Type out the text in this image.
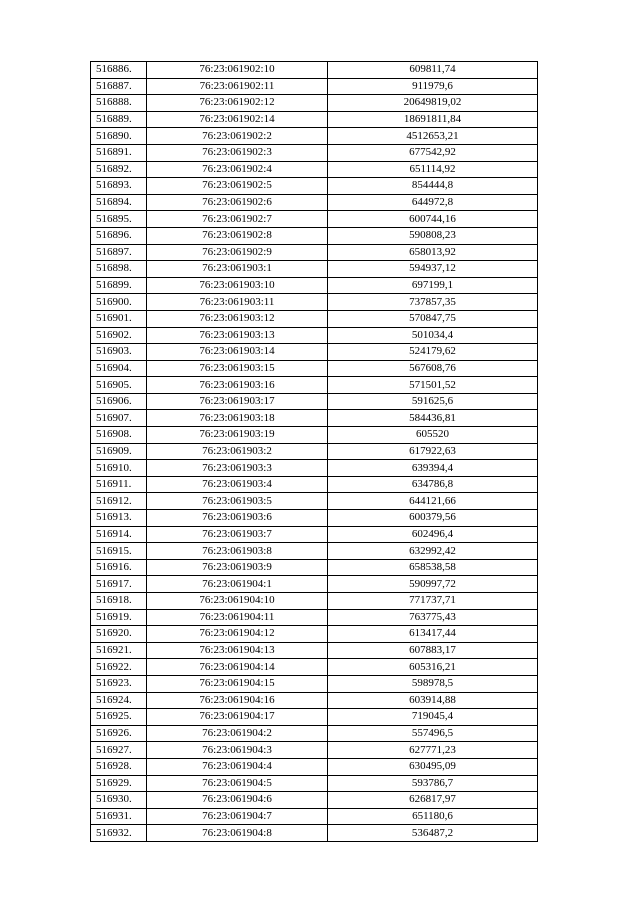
516886.	76:23:061902:10	609811,74
516887.	76:23:061902:11	911979,6
516888.	76:23:061902:12	20649819,02
516889.	76:23:061902:14	18691811,84
516890.	76:23:061902:2	4512653,21
516891.	76:23:061902:3	677542,92
516892.	76:23:061902:4	651114,92
516893.	76:23:061902:5	854444,8
516894.	76:23:061902:6	644972,8
516895.	76:23:061902:7	600744,16
516896.	76:23:061902:8	590808,23
516897.	76:23:061902:9	658013,92
516898.	76:23:061903:1	594937,12
516899.	76:23:061903:10	697199,1
516900.	76:23:061903:11	737857,35
516901.	76:23:061903:12	570847,75
516902.	76:23:061903:13	501034,4
516903.	76:23:061903:14	524179,62
516904.	76:23:061903:15	567608,76
516905.	76:23:061903:16	571501,52
516906.	76:23:061903:17	591625,6
516907.	76:23:061903:18	584436,81
516908.	76:23:061903:19	605520
516909.	76:23:061903:2	617922,63
516910.	76:23:061903:3	639394,4
516911.	76:23:061903:4	634786,8
516912.	76:23:061903:5	644121,66
516913.	76:23:061903:6	600379,56
516914.	76:23:061903:7	602496,4
516915.	76:23:061903:8	632992,42
516916.	76:23:061903:9	658538,58
516917.	76:23:061904:1	590997,72
516918.	76:23:061904:10	771737,71
516919.	76:23:061904:11	763775,43
516920.	76:23:061904:12	613417,44
516921.	76:23:061904:13	607883,17
516922.	76:23:061904:14	605316,21
516923.	76:23:061904:15	598978,5
516924.	76:23:061904:16	603914,88
516925.	76:23:061904:17	719045,4
516926.	76:23:061904:2	557496,5
516927.	76:23:061904:3	627771,23
516928.	76:23:061904:4	630495,09
516929.	76:23:061904:5	593786,7
516930.	76:23:061904:6	626817,97
516931.	76:23:061904:7	651180,6
516932.	76:23:061904:8	536487,2
